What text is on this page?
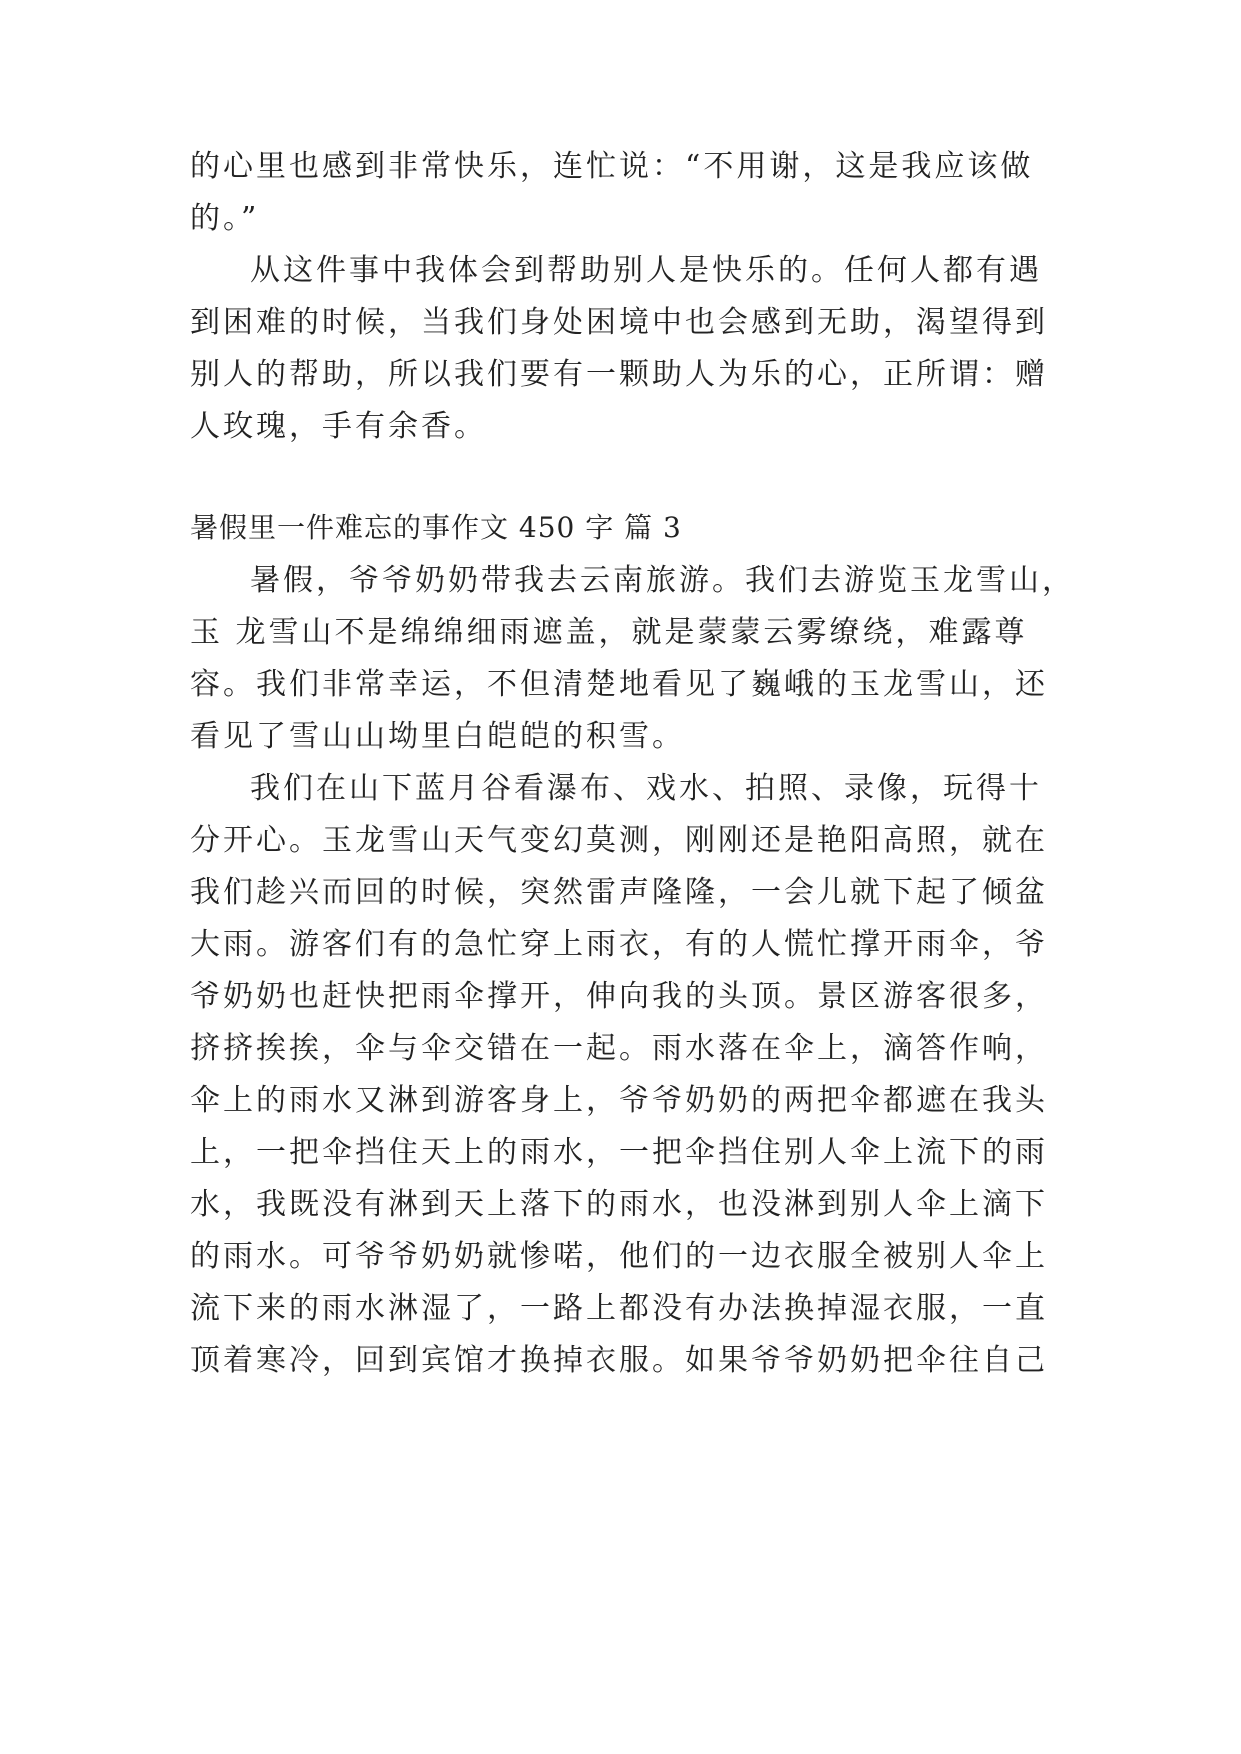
的心里也感到非常快乐，连忙说：“不用谢，这是我应该做
的。”
从这件事中我体会到帮助别人是快乐的。任何人都有遇
到困难的时候，当我们身处困境中也会感到无助，渴望得到
别人的帮助，所以我们要有一颗助人为乐的心，正所谓：赠
人玫瑰，手有余香。
暑假里一件难忘的事作文 450 字 篇 3
暑假，爷爷奶奶带我去云南旅游。我们去游览玉龙雪山，
玉 龙雪山不是绵绵细雨遮盖，就是蒙蒙云雾缭绕，难露尊
容。我们非常幸运，不但清楚地看见了巍峨的玉龙雪山，还
看见了雪山山坳里白皑皑的积雪。
我们在山下蓝月谷看瀑布、戏水、拍照、录像，玩得十
分开心。玉龙雪山天气变幻莫测，刚刚还是艳阳高照，就在
我们趁兴而回的时候，突然雷声隆隆，一会儿就下起了倾盆
大雨。游客们有的急忙穿上雨衣，有的人慌忙撑开雨伞，爷
爷奶奶也赶快把雨伞撑开，伸向我的头顶。景区游客很多，
挤挤挨挨，伞与伞交错在一起。雨水落在伞上，滴答作响，
伞上的雨水又淋到游客身上，爷爷奶奶的两把伞都遮在我头
上，一把伞挡住天上的雨水，一把伞挡住别人伞上流下的雨
水，我既没有淋到天上落下的雨水，也没淋到别人伞上滴下
的雨水。可爷爷奶奶就惨喏，他们的一边衣服全被别人伞上
流下来的雨水淋湿了，一路上都没有办法换掉湿衣服，一直
顶着寒冷，回到宾馆才换掉衣服。如果爷爷奶奶把伞往自己
